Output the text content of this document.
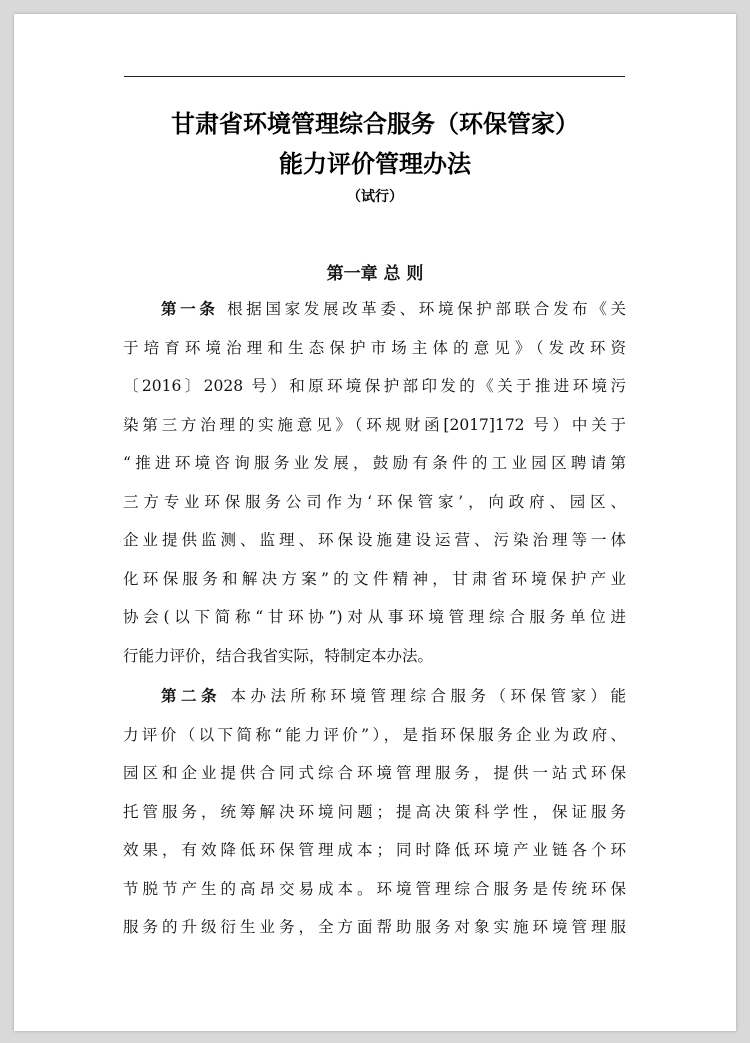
甘肃省环境管理综合服务（环保管家）
能力评价管理办法
（试行）
第一章 总 则
第一条 根据国家发展改革委、环境保护部联合发布《关
于培育环境治理和生态保护市场主体的意见》（发改环资
〔2016〕2028 号）和原环境保护部印发的《关于推进环境污
染第三方治理的实施意见》（环规财函[2017]172 号）中关于
“推进环境咨询服务业发展，鼓励有条件的工业园区聘请第
三方专业环保服务公司作为‘环保管家’，向政府、园区、
企业提供监测、监理、环保设施建设运营、污染治理等一体
化环保服务和解决方案”的文件精神，甘肃省环境保护产业
协会(以下简称“甘环协”)对从事环境管理综合服务单位进
行能力评价，结合我省实际，特制定本办法。
第二条 本办法所称环境管理综合服务（环保管家）能
力评价（以下简称“能力评价”），是指环保服务企业为政府、
园区和企业提供合同式综合环境管理服务，提供一站式环保
托管服务，统筹解决环境问题；提高决策科学性，保证服务
效果，有效降低环保管理成本；同时降低环境产业链各个环
节脱节产生的高昂交易成本。环境管理综合服务是传统环保
服务的升级衍生业务，全方面帮助服务对象实施环境管理服
